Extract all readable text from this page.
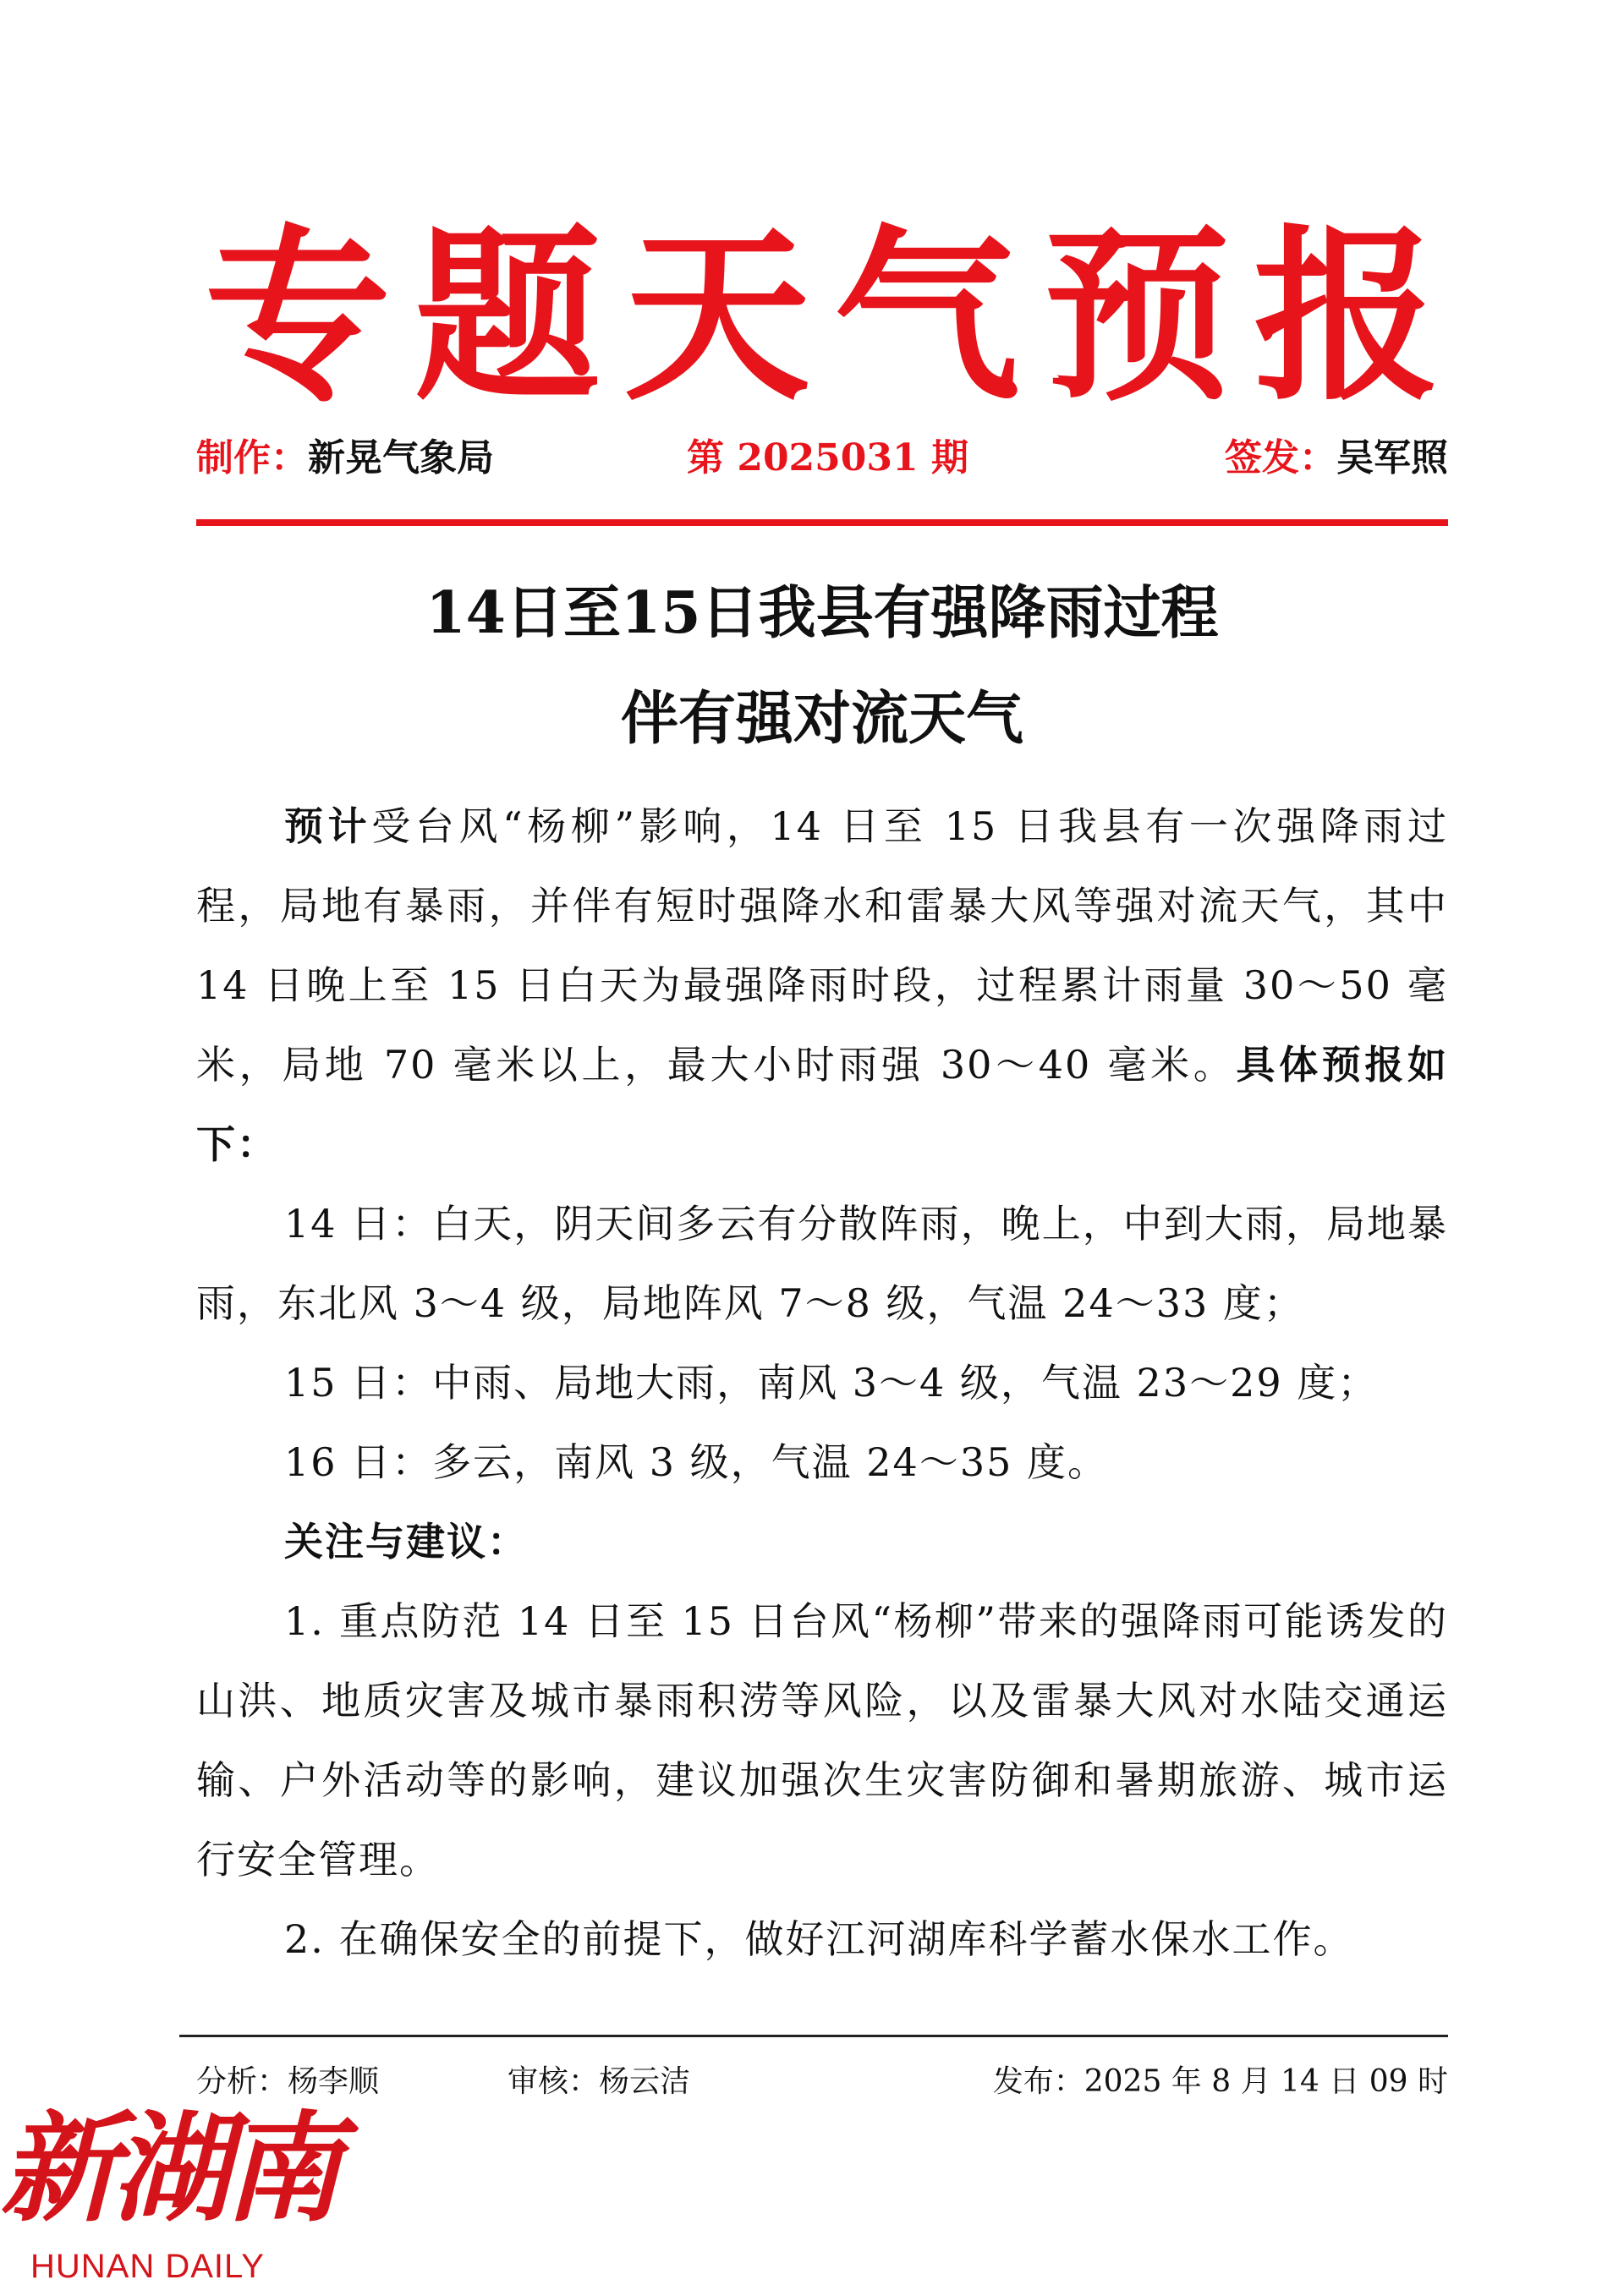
专 题 天 气 预 报
制作：新晃气象局	第 2025031 期	签发：吴军照
14日至15日我县有强降雨过程
伴有强对流天气

预计受台风“杨柳”影响，14 日至 15 日我县有一次强降雨过程，局地有暴雨，并伴有短时强降水和雷暴大风等强对流天气，其中 14 日晚上至 15 日白天为最强降雨时段，过程累计雨量 30～50 毫米，局地 70 毫米以上，最大小时雨强 30～40 毫米。具体预报如下：

14 日：白天，阴天间多云有分散阵雨，晚上，中到大雨，局地暴雨，东北风 3～4 级，局地阵风 7～8 级，气温 24～33 度；

15 日：中雨、局地大雨，南风 3～4 级，气温 23～29 度；

16 日：多云，南风 3 级，气温 24～35 度。

关注与建议：

1. 重点防范 14 日至 15 日台风“杨柳”带来的强降雨可能诱发的山洪、地质灾害及城市暴雨积涝等风险，以及雷暴大风对水陆交通运输、户外活动等的影响，建议加强次生灾害防御和暑期旅游、城市运行安全管理。

2. 在确保安全的前提下，做好江河湖库科学蓄水保水工作。

分析：杨李顺	审核：杨云洁	发布：2025 年 8 月 14 日 09 时
新湖南
HUNAN DAILY
